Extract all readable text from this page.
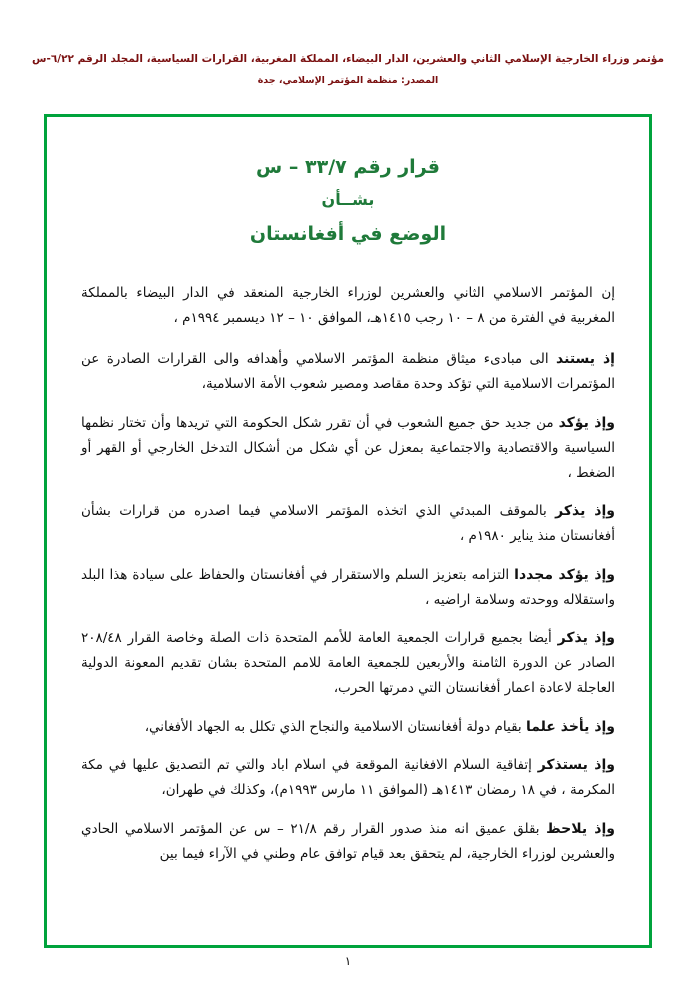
مؤتمر وزراء الخارجية الإسلامي الثاني والعشرين، الدار البيضاء، المملكة المغربية، القرارات السياسية، المجلد الرقم ٦/٢٢-س
المصدر: منظمة المؤتمر الإسلامي، جدة
قرار رقم ٣٣/٧ – س
بشــأن
الوضع في أفغانستان

إن المؤتمر الاسلامي الثاني والعشرين لوزراء الخارجية المنعقد في الدار البيضاء بالمملكة المغربية في الفترة من ٨ – ١٠ رجب ١٤١٥هـ، الموافق ١٠ – ١٢ ديسمبر ١٩٩٤م ،

إذ يستند الى مبادىء ميثاق منظمة المؤتمر الاسلامي وأهدافه والى القرارات الصادرة عن المؤتمرات الاسلامية التي تؤكد وحدة مقاصد ومصير شعوب الأمة الاسلامية،

وإذ يؤكد من جديد حق جميع الشعوب في أن تقرر شكل الحكومة التي تريدها وأن تختار نظمها السياسية والاقتصادية والاجتماعية بمعزل عن أي شكل من أشكال التدخل الخارجي أو القهر أو الضغط ،

وإذ يذكر بالموقف المبدئي الذي اتخذه المؤتمر الاسلامي فيما اصدره من قرارات بشأن أفغانستان منذ يناير ١٩٨٠م ،

وإذ يؤكد مجددا التزامه بتعزيز السلم والاستقرار في أفغانستان والحفاظ على سيادة هذا البلد واستقلاله ووحدته وسلامة اراضيه ،

وإذ يذكر أيضا بجميع قرارات الجمعية العامة للأمم المتحدة ذات الصلة وخاصة القرار ٢٠٨/٤٨ الصادر عن الدورة الثامنة والأربعين للجمعية العامة للامم المتحدة بشان تقديم المعونة الدولية العاجلة لاعادة اعمار أفغانستان التي دمرتها الحرب،

وإذ يأخذ علما بقيام دولة أفغانستان الاسلامية والنجاح الذي تكلل به الجهاد الأفغاني،

وإذ يستذكر إتفاقية السلام الافغانية الموقعة في اسلام اباد والتي تم التصديق عليها في مكة المكرمة ، في ١٨ رمضان ١٤١٣هـ (الموافق ١١ مارس ١٩٩٣م)، وكذلك في طهران،

وإذ يلاحظ بقلق عميق انه منذ صدور القرار رقم ٢١/٨ – س عن المؤتمر الاسلامي الحادي والعشرين لوزراء الخارجية، لم يتحقق بعد قيام توافق عام وطني في الآراء فيما بين

١
